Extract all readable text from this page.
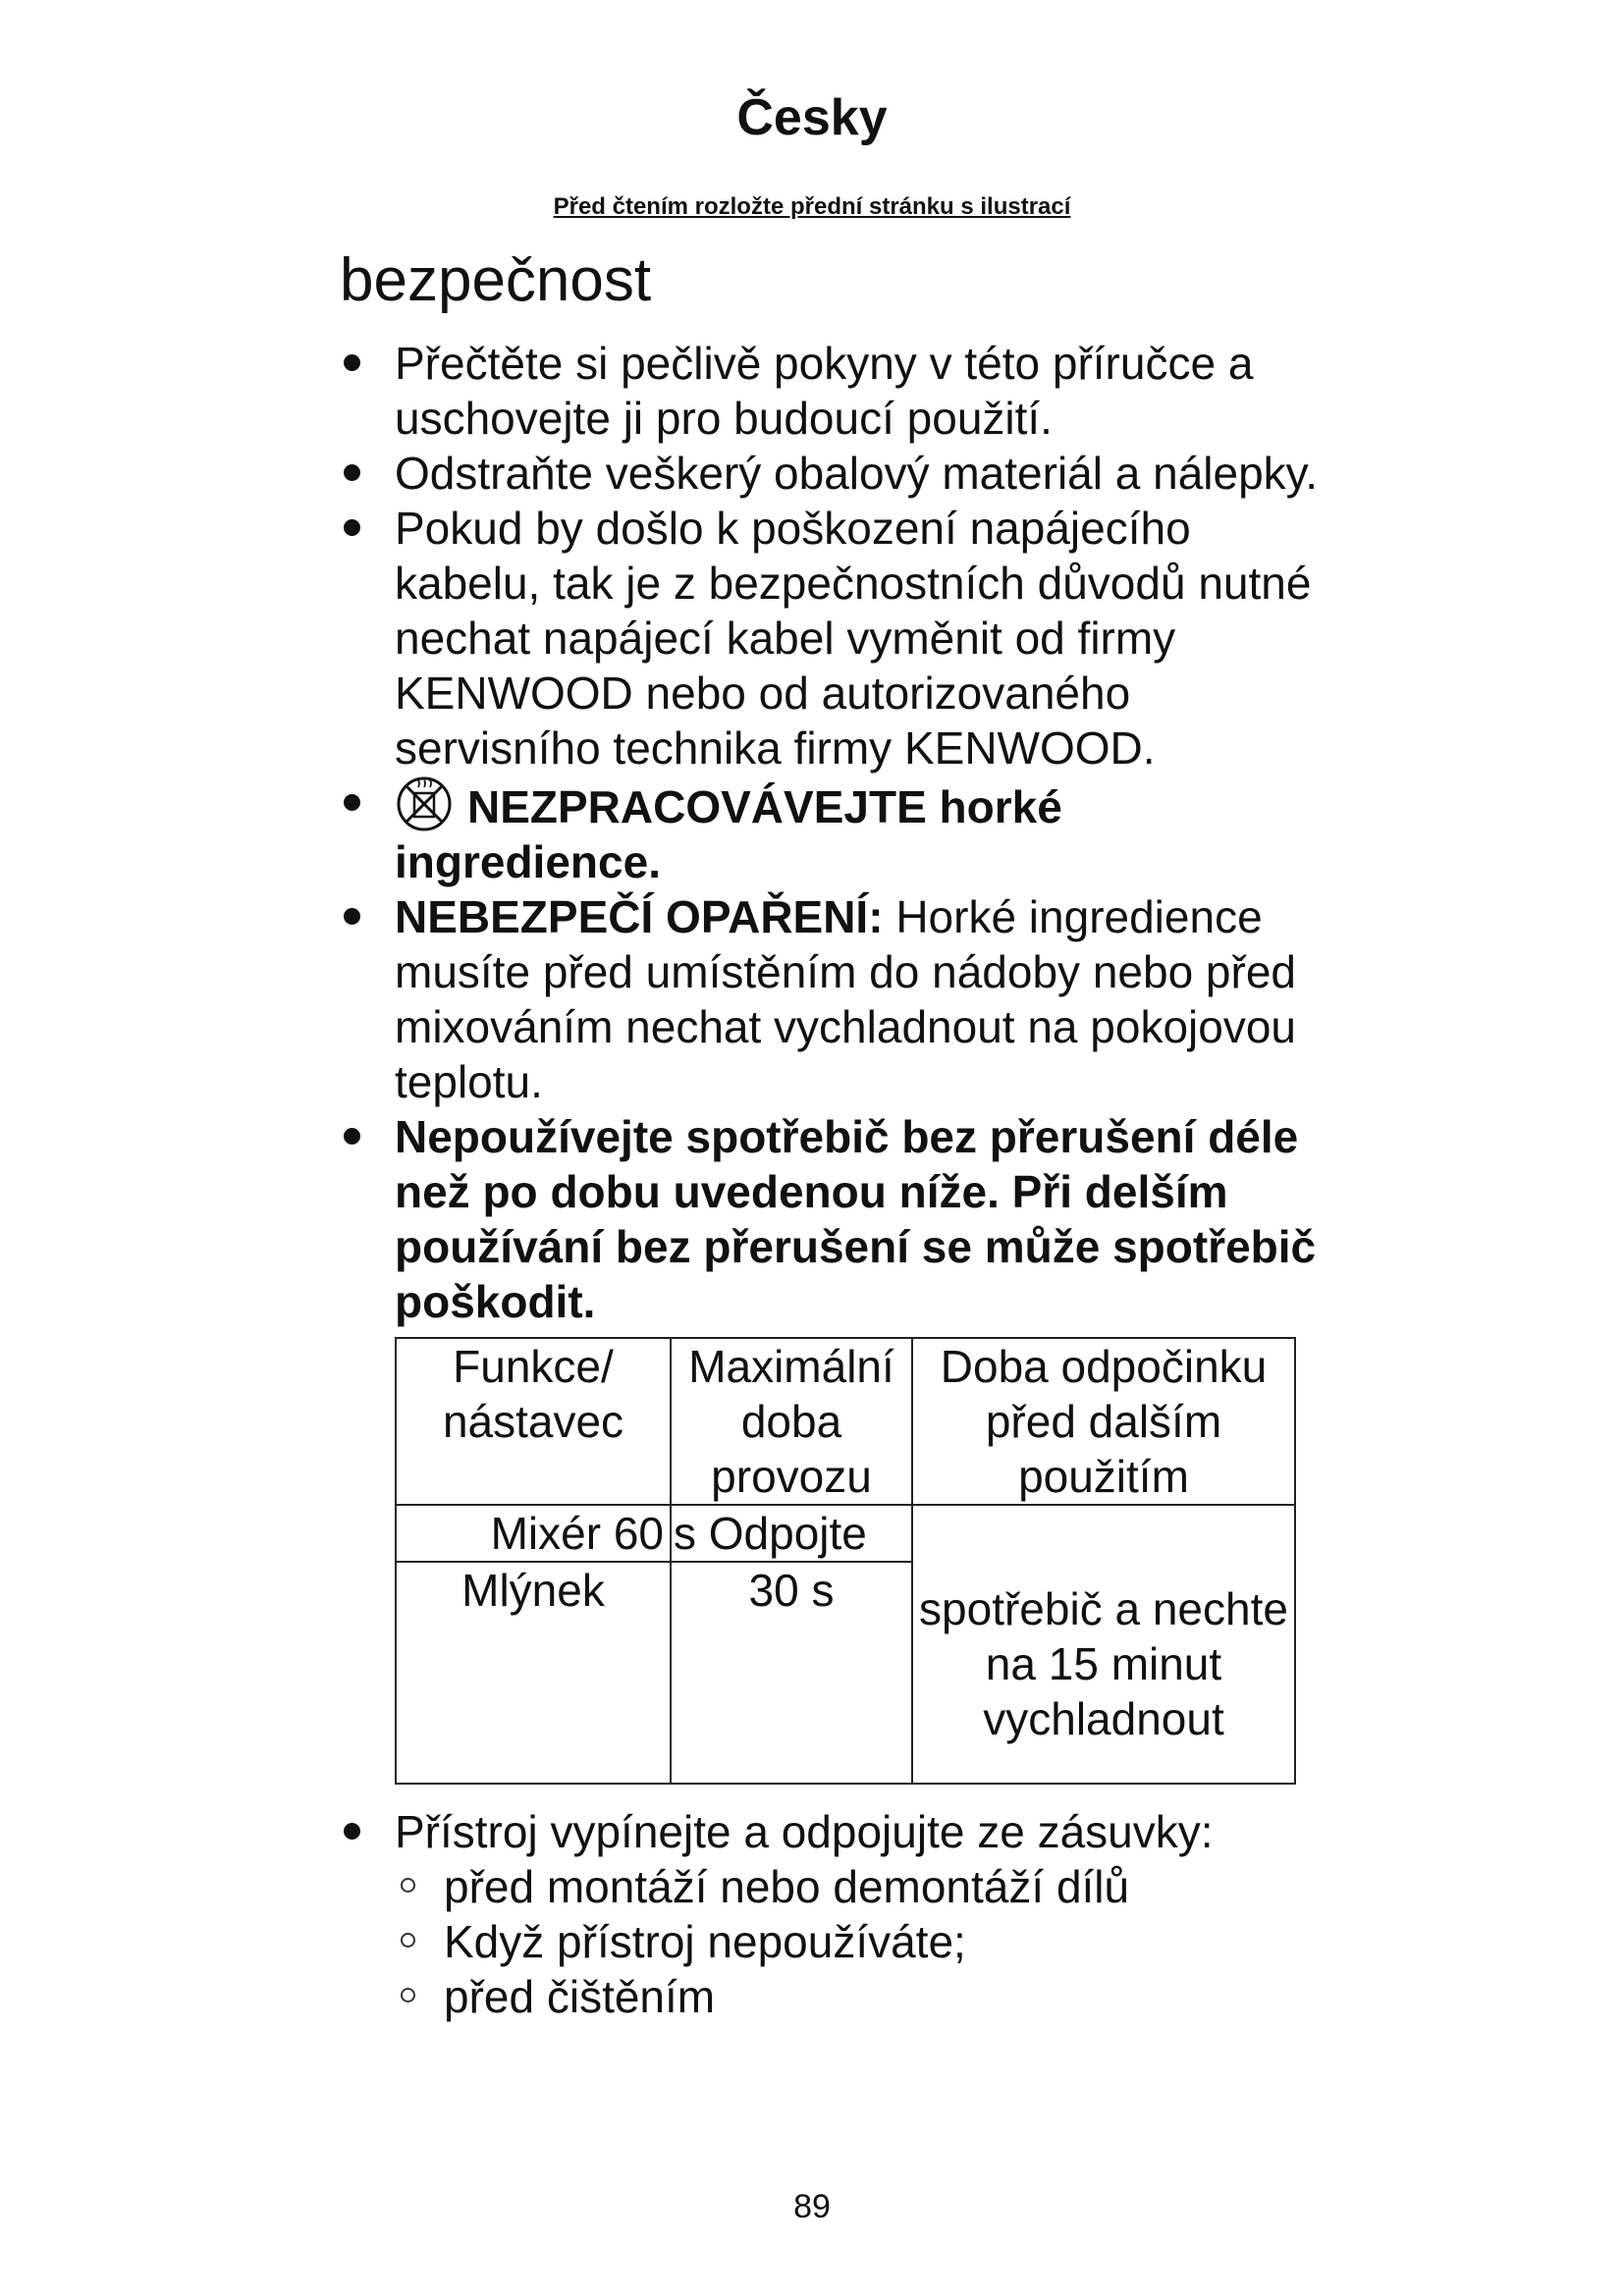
Česky
Před čtením rozložte přední stránku s ilustrací
bezpečnost
Přečtěte si pečlivě pokyny v této příručce a uschovejte ji pro budoucí použití.
Odstraňte veškerý obalový materiál a nálepky.
Pokud by došlo k poškození napájecího kabelu, tak je z bezpečnostních důvodů nutné nechat napájecí kabel vyměnit od firmy KENWOOD nebo od autorizovaného servisního technika firmy KENWOOD.
NEZPRACOVÁVEJTE horké ingredience.
NEBEZPEČÍ OPAŘENÍ: Horké ingredience musíte před umístěním do nádoby nebo před mixováním nechat vychladnout na pokojovou teplotu.
Nepoužívejte spotřebič bez přerušení déle než po dobu uvedenou níže. Při delším používání bez přerušení se může spotřebič poškodit.
Funkce/ nástavec	Maximální doba provozu	Doba odpočinku před dalším použitím
Mixér 60	s Odpojte	spotřebič a nechte na 15 minut vychladnout
Mlýnek	30 s	
Přístroj vypínejte a odpojujte ze zásuvky:
před montáží nebo demontáží dílů
Když přístroj nepoužíváte;
před čištěním
89
